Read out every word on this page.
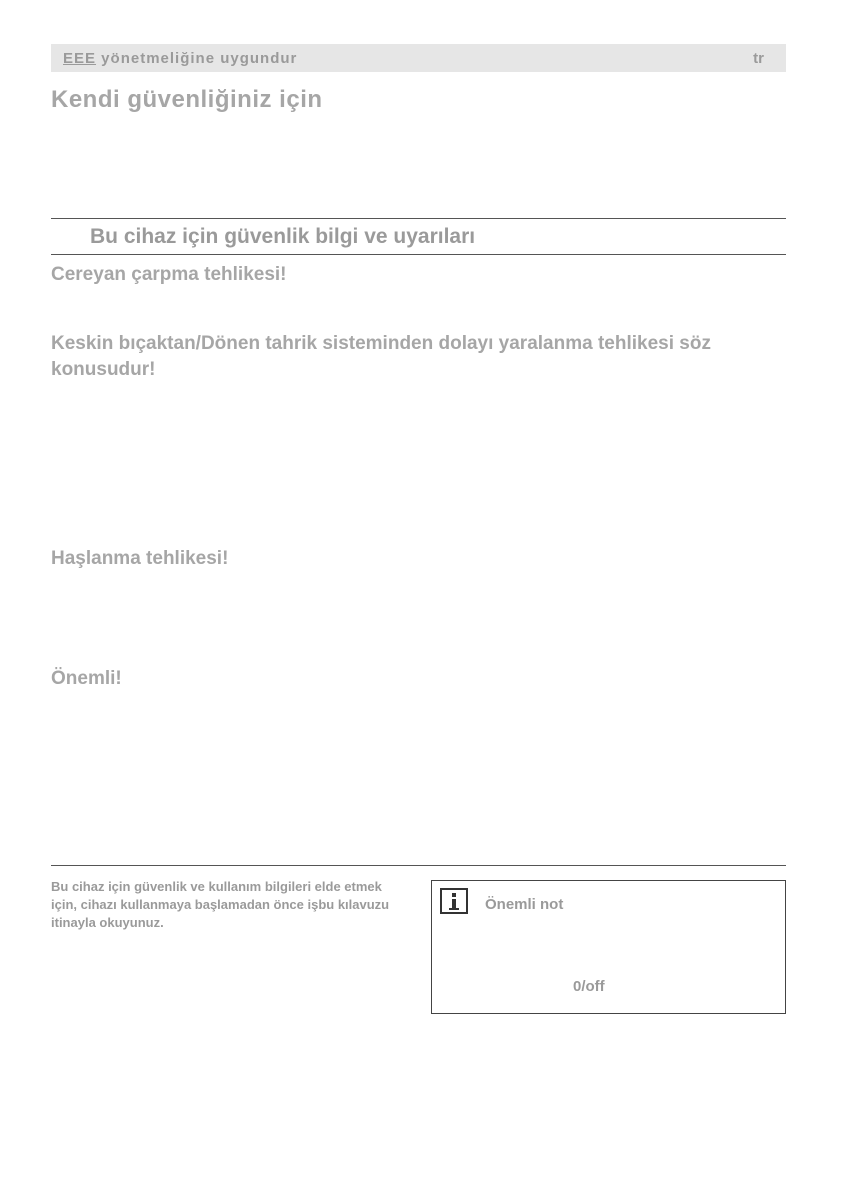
EEE yönetmeliğine uygundur	tr
Kendi güvenliğiniz için
Bu cihaz için güvenlik bilgi ve uyarıları
Cereyan çarpma tehlikesi!
Keskin bıçaktan/Dönen tahrik sisteminden dolayı yaralanma tehlikesi söz konusudur!
Haşlanma tehlikesi!
Önemli!
Bu cihaz için güvenlik ve kullanım bilgileri elde etmek için, cihazı kullanmaya başlamadan önce işbu kılavuzu itinayla okuyunuz.
Önemli not
0/off
